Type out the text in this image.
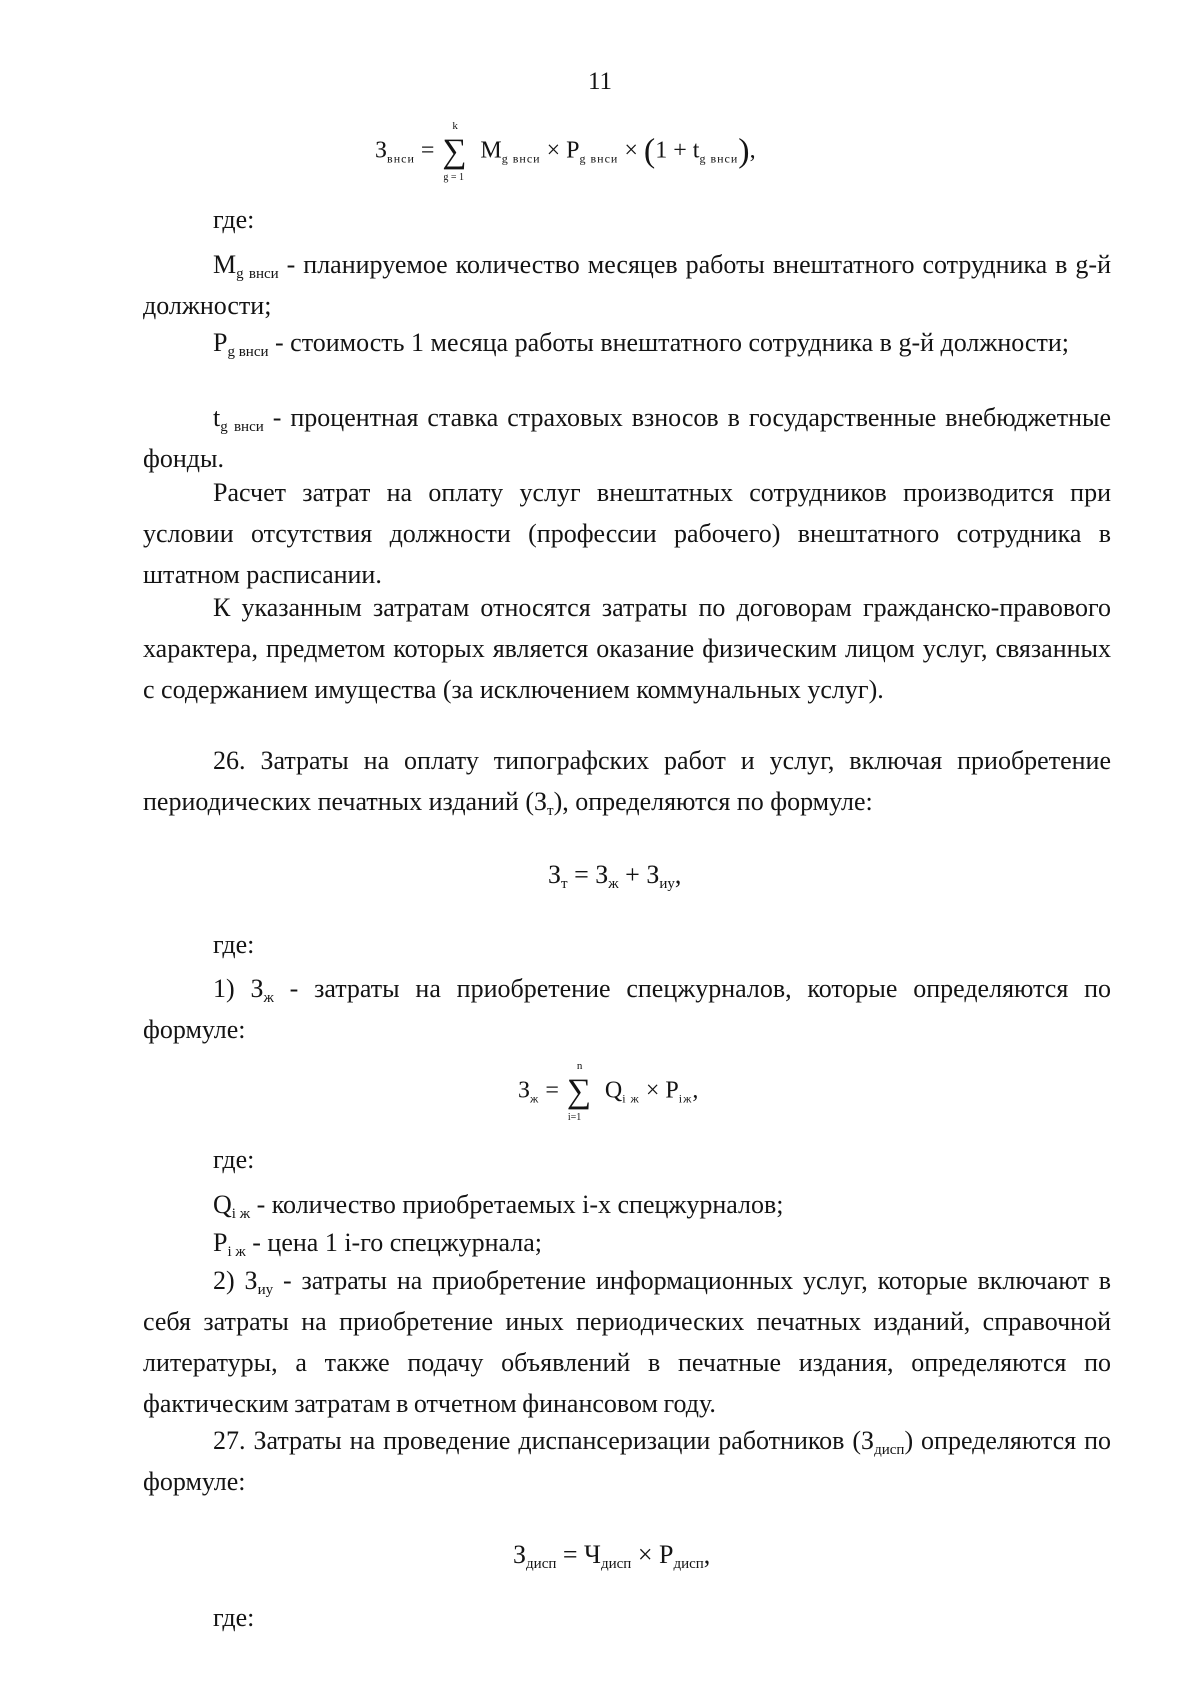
11
$З_{внси}$ = ∑
k
g = 1
$M_{g внси} \times P_{g внси} \times (1 + t_{g внси})$,
где:

$M_{g внси}$ - планируемое количество месяцев работы внештатного сотрудника в g-й должности;

$P_{g внси}$ - стоимость 1 месяца работы внештатного сотрудника в g-й должности;

$t_{g внси}$ - процентная ставка страховых взносов в государственные внебюджетные фонды.

Расчет затрат на оплату услуг внештатных сотрудников производится при условии отсутствия должности (профессии рабочего) внештатного сотрудника в штатном расписании.

К указанным затратам относятся затраты по договорам гражданско-правового характера, предметом которых является оказание физическим лицом услуг, связанных с содержанием имущества (за исключением коммунальных услуг).

26. Затраты на оплату типографских работ и услуг, включая приобретение периодических печатных изданий $(З_т)$, определяются по формуле:

$З_т = З_ж + З_{иу}$,
где:

1) $З_ж$ - затраты на приобретение спецжурналов, которые определяются по формуле:

$З_ж$ = ∑
n
i=1
$Q_{i ж} \times P_{iж}$,
где:

$Q_{i ж}$ - количество приобретаемых i-х спецжурналов;

$P_{i ж}$ - цена 1 i-го спецжурнала;

2) $З_{иу}$ - затраты на приобретение информационных услуг, которые включают в себя затраты на приобретение иных периодических печатных изданий, справочной литературы, а также подачу объявлений в печатные издания, определяются по фактическим затратам в отчетном финансовом году.

27. Затраты на проведение диспансеризации работников $(З_{дисп})$ определяются по формуле:

$З_{дисп} = Ч_{дисп} \times P_{дисп}$,
где:
